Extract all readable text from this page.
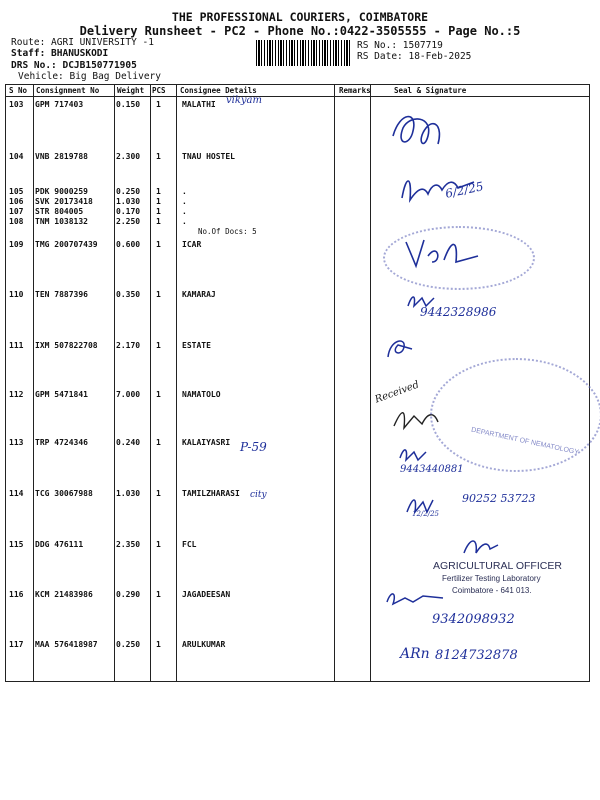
THE PROFESSIONAL COURIERS, COIMBATORE
Delivery Runsheet - PC2 - Phone No.:0422-3505555 - Page No.:5
Route: AGRI UNIVERSITY -1
Staff: BHANUSKODI
DRS No.: DCJB150771905
Vehicle: Big Bag Delivery
RS No.: 1507719
RS Date: 18-Feb-2025
S No Consignment No Weight PCS Consignee Details	Remarks	Seal & Signature
103 GPM 717403	0.150 1	MALATHI
104 VNB 2819788	2.300 1	TNAU HOSTEL
105 PDK 9000259	0.250 1	.
106 SVK 20173418	1.030 1	.
107 STR 804005	0.170 1	.
108 TNM 1038132	2.250 1	.
No.Of Docs: 5
109 TMG 200707439 0.600 1	ICAR
110 TEN 7887396	0.350 1	KAMARAJ
111 IXM 507822708 2.170 1	ESTATE
112 GPM 5471841	7.000 1	NAMATOLO
113 TRP 4724346	0.240 1	KALAIYASRI
114 TCG 30067988	1.030 1	TAMILZHARASI
115 DDG 476111	2.350 1	FCL
116 KCM 21483986	0.290 1	JAGADEESAN
117 MAA 576418987 0.250 1	ARULKUMAR
vikyam
6/2/25
9442328986
Received
DEPARTMENT OF NEMATOLOGY
P-59
9443440881
city
12/2/25
90252 53723
AGRICULTURAL OFFICER
Fertilizer Testing Laboratory
Coimbatore - 641 013.
9342098932
ARn 8124732878
